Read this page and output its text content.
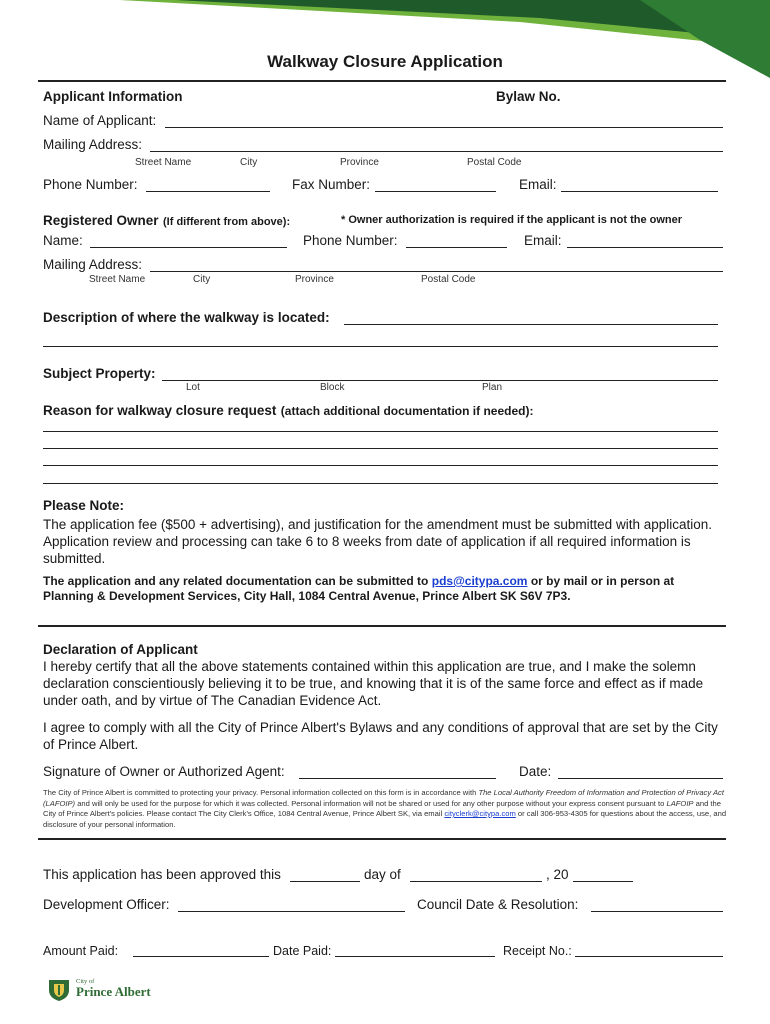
Walkway Closure Application
Applicant Information	Bylaw No.
Name of Applicant:
Mailing Address:
Street Name	City	Province	Postal Code
Phone Number:	Fax Number:	Email:
Registered Owner (If different from above):	* Owner authorization is required if the applicant is not the owner
Name:	Phone Number:	Email:
Mailing Address:
Street Name	City	Province	Postal Code
Description of where the walkway is located:
Subject Property:
Lot	Block	Plan
Reason for walkway closure request (attach additional documentation if needed):
Please Note:
The application fee ($500 + advertising), and justification for the amendment must be submitted with application. Application review and processing can take 6 to 8 weeks from date of application if all required information is submitted.
The application and any related documentation can be submitted to pds@citypa.com or by mail or in person at
Planning & Development Services, City Hall, 1084 Central Avenue, Prince Albert SK S6V 7P3.
Declaration of Applicant
I hereby certify that all the above statements contained within this application are true, and I make the solemn declaration conscientiously believing it to be true, and knowing that it is of the same force and effect as if made under oath, and by virtue of The Canadian Evidence Act.
I agree to comply with all the City of Prince Albert's Bylaws and any conditions of approval that are set by the City of Prince Albert.
Signature of Owner or Authorized Agent:	Date:
The City of Prince Albert is committed to protecting your privacy. Personal information collected on this form is in accordance with The Local Authority Freedom of Information and Protection of Privacy Act (LAFOIP) and will only be used for the purpose for which it was collected. Personal information will not be shared or used for any other purpose without your express consent pursuant to LAFOIP and the City of Prince Albert's policies. Please contact The City Clerk's Office, 1084 Central Avenue, Prince Albert SK, via email cityclerk@citypa.com or call 306-953-4305 for questions about the access, use, and disclosure of your personal information.
This application has been approved this	day of	, 20
Development Officer:	Council Date & Resolution:
Amount Paid:	Date Paid:	Receipt No.:
City of
Prince Albert
